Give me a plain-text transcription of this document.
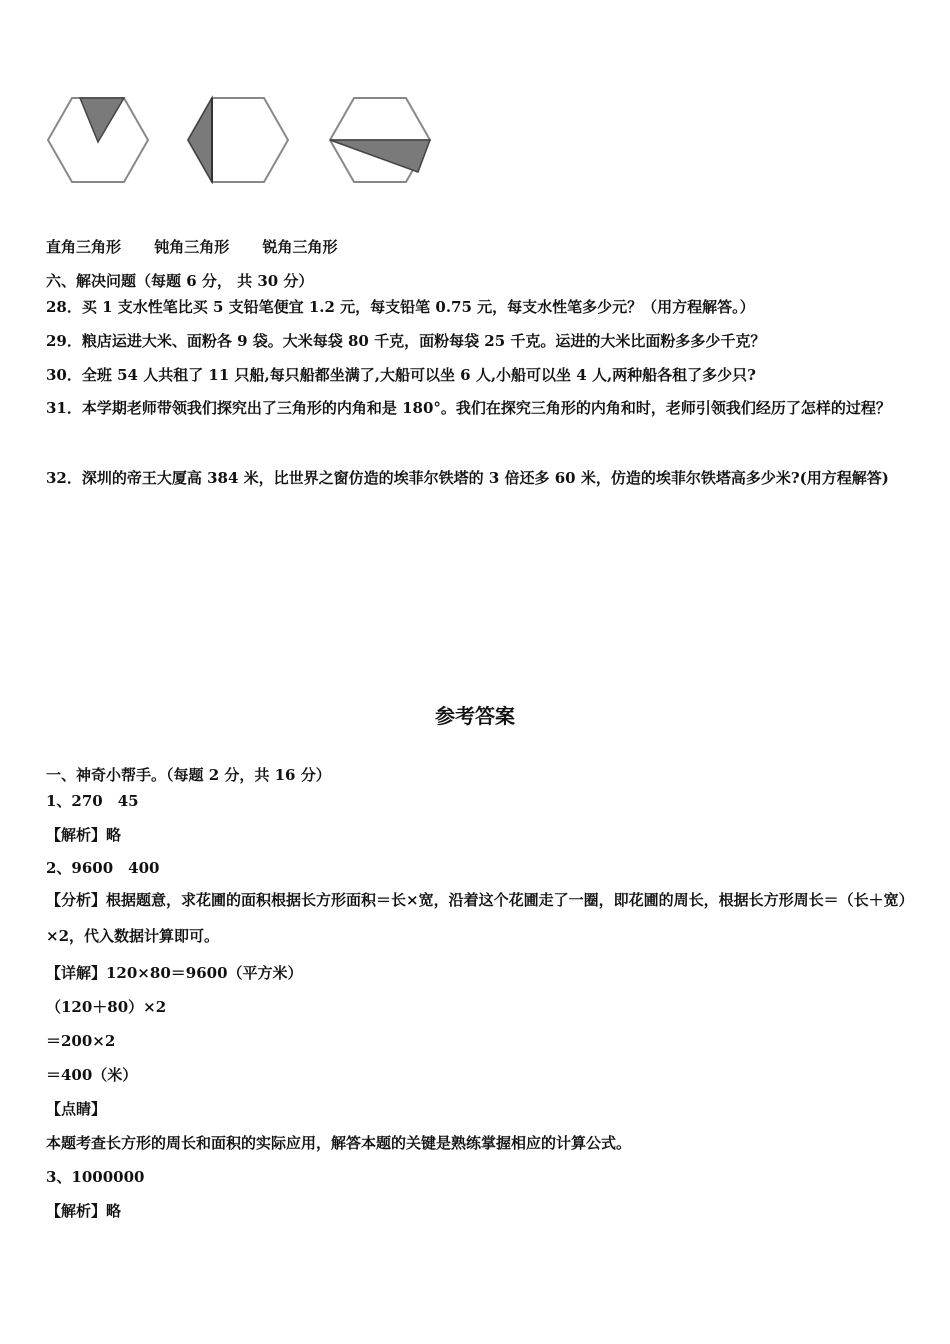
直角三角形 钝角三角形 锐角三角形
六、解决问题（每题 6 分， 共 30 分）
28．买 1 支水性笔比买 5 支铅笔便宜 1.2 元，每支铅笔 0.75 元，每支水性笔多少元？（用方程解答。）
29．粮店运进大米、面粉各 9 袋。大米每袋 80 千克，面粉每袋 25 千克。运进的大米比面粉多多少千克？
30．全班 54 人共租了 11 只船,每只船都坐满了,大船可以坐 6 人,小船可以坐 4 人,两种船各租了多少只?
31．本学期老师带领我们探究出了三角形的内角和是 180°。我们在探究三角形的内角和时，老师引领我们经历了怎样的过程？
32．深圳的帝王大厦高 384 米，比世界之窗仿造的埃菲尔铁塔的 3 倍还多 60 米，仿造的埃菲尔铁塔高多少米?(用方程解答)
参考答案
一、神奇小帮手。（每题 2 分，共 16 分）
1、270　45
【解析】略
2、9600　400
【分析】根据题意，求花圃的面积根据长方形面积＝长×宽，沿着这个花圃走了一圈，即花圃的周长，根据长方形周长＝（长＋宽）×2，代入数据计算即可。
【详解】120×80＝9600（平方米）
（120＋80）×2
＝200×2
＝400（米）
【点睛】
本题考查长方形的周长和面积的实际应用，解答本题的关键是熟练掌握相应的计算公式。
3、1000000
【解析】略
